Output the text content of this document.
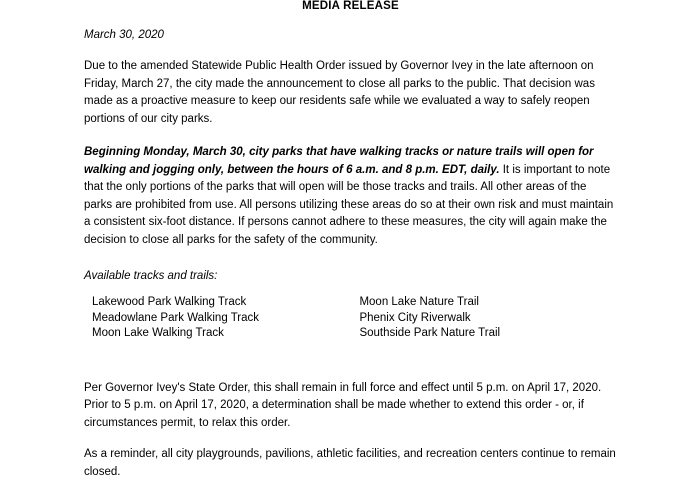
MEDIA RELEASE
March 30, 2020

Due to the amended Statewide Public Health Order issued by Governor Ivey in the late afternoon on Friday, March 27, the city made the announcement to close all parks to the public. That decision was made as a proactive measure to keep our residents safe while we evaluated a way to safely reopen portions of our city parks.

Beginning Monday, March 30, city parks that have walking tracks or nature trails will open for walking and jogging only, between the hours of 6 a.m. and 8 p.m. EDT, daily. It is important to note that the only portions of the parks that will open will be those tracks and trails. All other areas of the parks are prohibited from use. All persons utilizing these areas do so at their own risk and must maintain a consistent six-foot distance. If persons cannot adhere to these measures, the city will again make the decision to close all parks for the safety of the community.

Available tracks and trails:
Lakewood Park Walking Track
Meadowlane Park Walking Track
Moon Lake Walking Track
Moon Lake Nature Trail
Phenix City Riverwalk
Southside Park Nature Trail

Per Governor Ivey's State Order, this shall remain in full force and effect until 5 p.m. on April 17, 2020. Prior to 5 p.m. on April 17, 2020, a determination shall be made whether to extend this order - or, if circumstances permit, to relax this order.

As a reminder, all city playgrounds, pavilions, athletic facilities, and recreation centers continue to remain closed.
